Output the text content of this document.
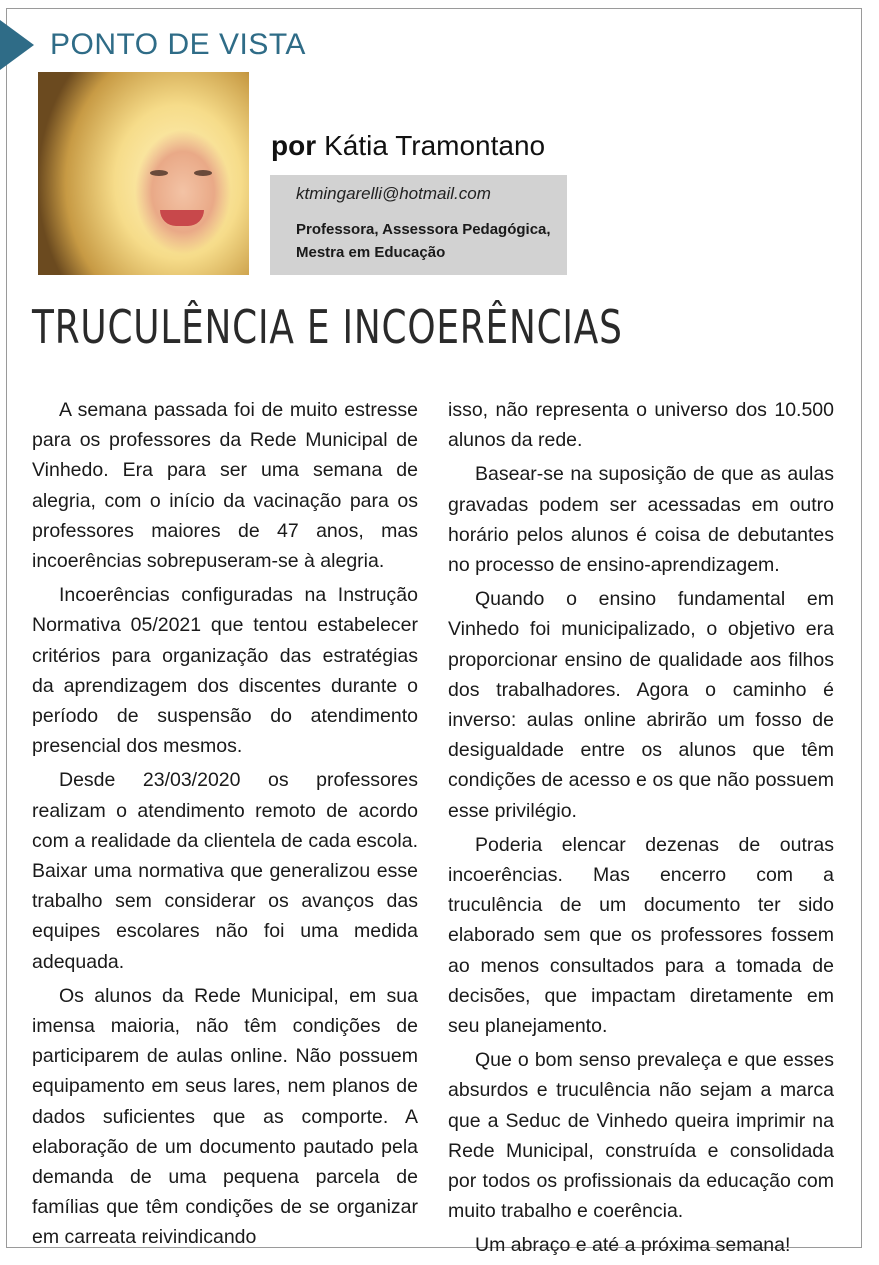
PONTO DE VISTA
por Kátia Tramontano
ktmingarelli@hotmail.com
Professora, Assessora Pedagógica, Mestra em Educação
TRUCULÊNCIA E INCOERÊNCIAS

A semana passada foi de muito estresse para os professores da Rede Municipal de Vinhedo. Era para ser uma semana de alegria, com o início da vacinação para os professores maiores de 47 anos, mas incoerências sobrepuseram-se à alegria.

Incoerências configuradas na Instrução Normativa 05/2021 que tentou estabelecer critérios para organização das estratégias da aprendizagem dos discentes durante o período de suspensão do atendimento presencial dos mesmos.

Desde 23/03/2020 os professores realizam o atendimento remoto de acordo com a realidade da clientela de cada escola. Baixar uma normativa que generalizou esse trabalho sem considerar os avanços das equipes escolares não foi uma medida adequada.

Os alunos da Rede Municipal, em sua imensa maioria, não têm condições de participarem de aulas online. Não possuem equipamento em seus lares, nem planos de dados suficientes que as comporte. A elaboração de um documento pautado pela demanda de uma pequena parcela de famílias que têm condições de se organizar em carreata reivindicando

isso, não representa o universo dos 10.500 alunos da rede.

Basear-se na suposição de que as aulas gravadas podem ser acessadas em outro horário pelos alunos é coisa de debutantes no processo de ensino-aprendizagem.

Quando o ensino fundamental em Vinhedo foi municipalizado, o objetivo era proporcionar ensino de qualidade aos filhos dos trabalhadores. Agora o caminho é inverso: aulas online abrirão um fosso de desigualdade entre os alunos que têm condições de acesso e os que não possuem esse privilégio.

Poderia elencar dezenas de outras incoerências. Mas encerro com a truculência de um documento ter sido elaborado sem que os professores fossem ao menos consultados para a tomada de decisões, que impactam diretamente em seu planejamento.

Que o bom senso prevaleça e que esses absurdos e truculência não sejam a marca que a Seduc de Vinhedo queira imprimir na Rede Municipal, construída e consolidada por todos os profissionais da educação com muito trabalho e coerência.

Um abraço e até a próxima semana!
